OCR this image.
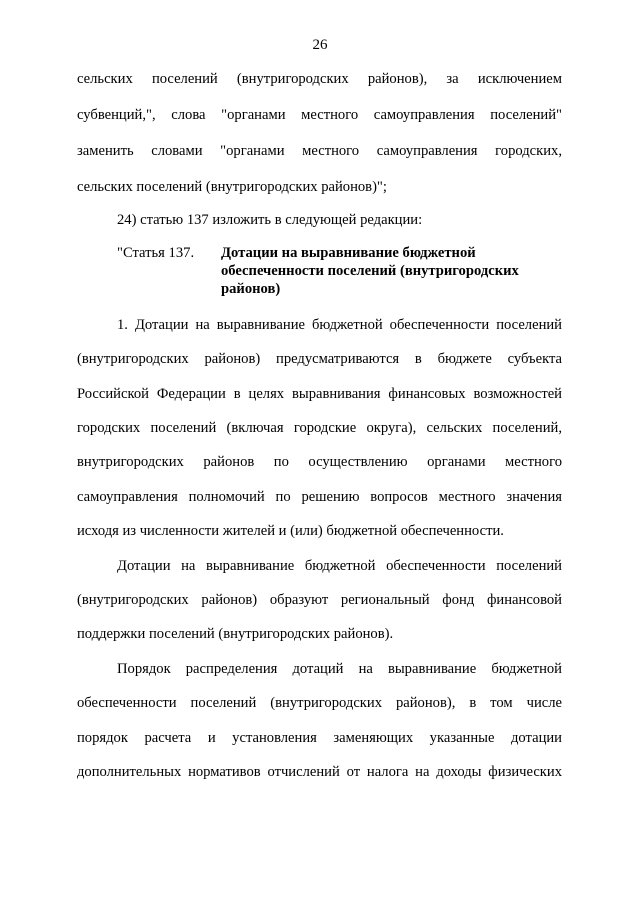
26
сельских поселений (внутригородских районов), за исключением
субвенций,", слова "органами местного самоуправления поселений"
заменить словами "органами местного самоуправления городских,
сельских поселений (внутригородских районов)";
24) статью 137 изложить в следующей редакции:
"Статья 137. Дотации на выравнивание бюджетной
обеспеченности поселений (внутригородских
районов)
1. Дотации на выравнивание бюджетной обеспеченности поселений
(внутригородских районов) предусматриваются в бюджете субъекта
Российской Федерации в целях выравнивания финансовых возможностей
городских поселений (включая городские округа), сельских поселений,
внутригородских районов по осуществлению органами местного
самоуправления полномочий по решению вопросов местного значения
исходя из численности жителей и (или) бюджетной обеспеченности.
Дотации на выравнивание бюджетной обеспеченности поселений
(внутригородских районов) образуют региональный фонд финансовой
поддержки поселений (внутригородских районов).
Порядок распределения дотаций на выравнивание бюджетной
обеспеченности поселений (внутригородских районов), в том числе
порядок расчета и установления заменяющих указанные дотации
дополнительных нормативов отчислений от налога на доходы физических
